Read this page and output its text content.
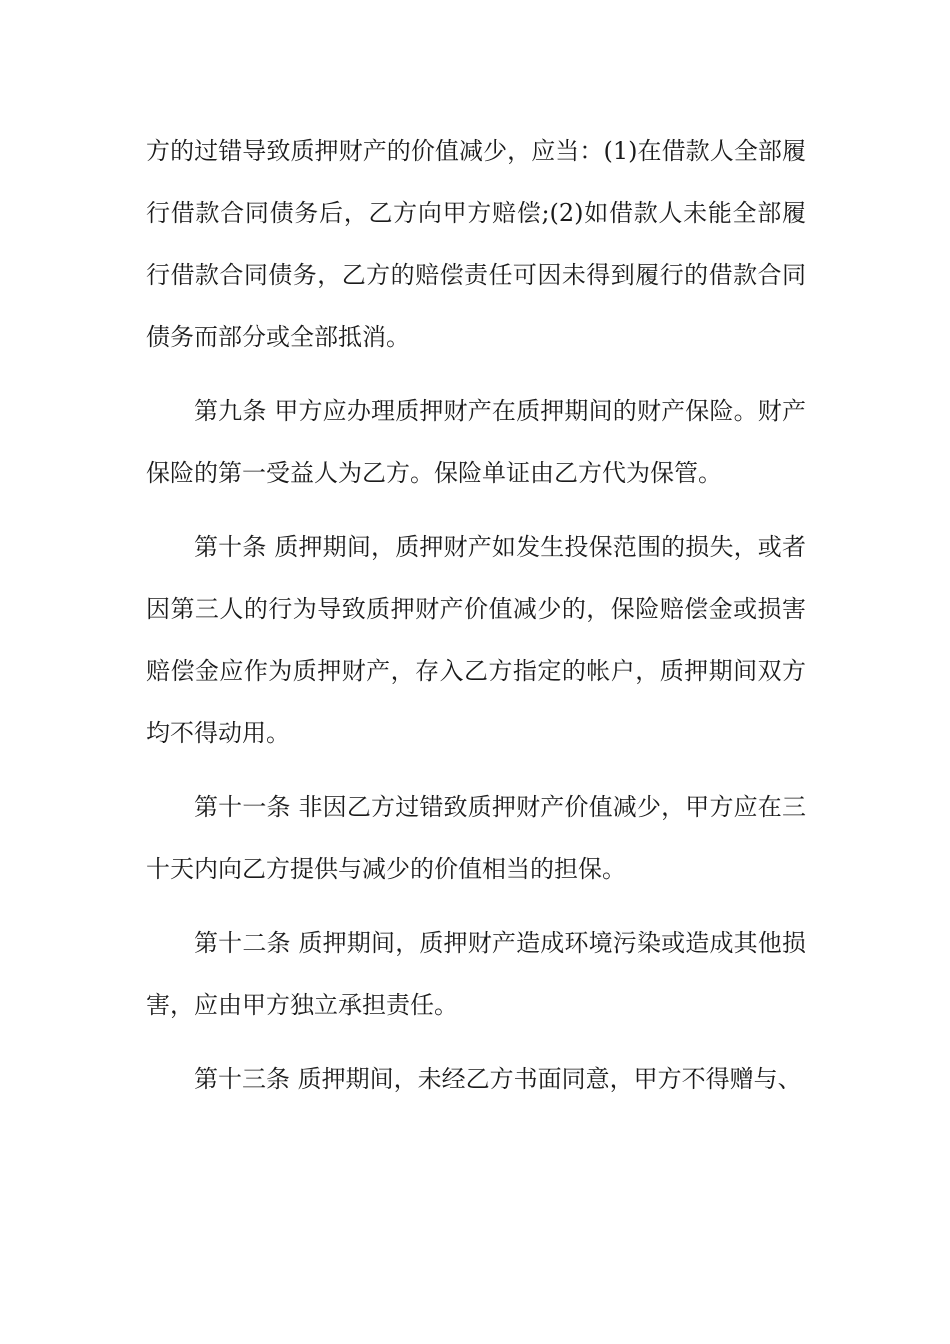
方的过错导致质押财产的价值减少，应当：(1)在借款人全部履行借款合同债务后，乙方向甲方赔偿;(2)如借款人未能全部履行借款合同债务，乙方的赔偿责任可因未得到履行的借款合同债务而部分或全部抵消。

第九条 甲方应办理质押财产在质押期间的财产保险。财产保险的第一受益人为乙方。保险单证由乙方代为保管。

第十条 质押期间，质押财产如发生投保范围的损失，或者因第三人的行为导致质押财产价值减少的，保险赔偿金或损害赔偿金应作为质押财产，存入乙方指定的帐户，质押期间双方均不得动用。

第十一条 非因乙方过错致质押财产价值减少，甲方应在三十天内向乙方提供与减少的价值相当的担保。

第十二条 质押期间，质押财产造成环境污染或造成其他损害，应由甲方独立承担责任。

第十三条 质押期间，未经乙方书面同意，甲方不得赠与、
